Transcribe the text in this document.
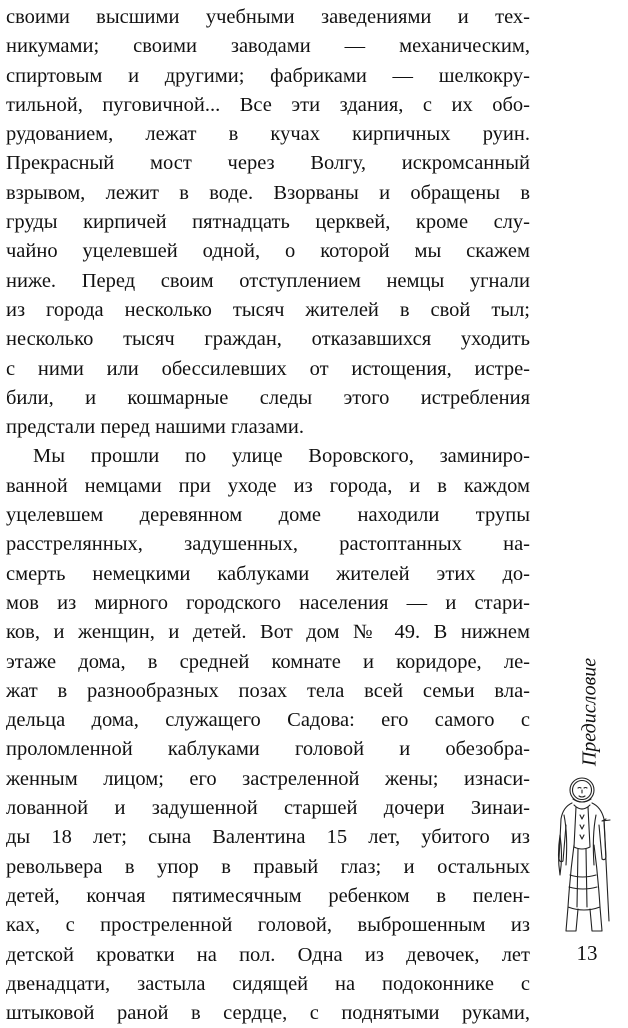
своими высшими учебными заведениями и тех-
никумами; своими заводами — механическим,
спиртовым и другими; фабриками — шелкокру-
тильной, пуговичной... Все эти здания, с их обо-
рудованием, лежат в кучах кирпичных руин.
Прекрасный мост через Волгу, искромсанный
взрывом, лежит в воде. Взорваны и обращены в
груды кирпичей пятнадцать церквей, кроме слу-
чайно уцелевшей одной, о которой мы скажем
ниже. Перед своим отступлением немцы угнали
из города несколько тысяч жителей в свой тыл;
несколько тысяч граждан, отказавшихся уходить
с ними или обессилевших от истощения, истре-
били, и кошмарные следы этого истребления
предстали перед нашими глазами.
Мы прошли по улице Воровского, заминиро-
ванной немцами при уходе из города, и в каждом
уцелевшем деревянном доме находили трупы
расстрелянных, задушенных, растоптанных на-
смерть немецкими каблуками жителей этих до-
мов из мирного городского населения — и стари-
ков, и женщин, и детей. Вот дом № 49. В нижнем
этаже дома, в средней комнате и коридоре, ле-
жат в разнообразных позах тела всей семьи вла-
дельца дома, служащего Садова: его самого с
проломленной каблуками головой и обезобра-
женным лицом; его застреленной жены; изнаси-
лованной и задушенной старшей дочери Зинаи-
ды 18 лет; сына Валентина 15 лет, убитого из
револьвера в упор в правый глаз; и остальных
детей, кончая пятимесячным ребенком в пелен-
ках, с простреленной головой, выброшенным из
детской кроватки на пол. Одна из девочек, лет
двенадцати, застыла сидящей на подоконнике с
штыковой раной в сердце, с поднятыми руками,
Предисловие
13
